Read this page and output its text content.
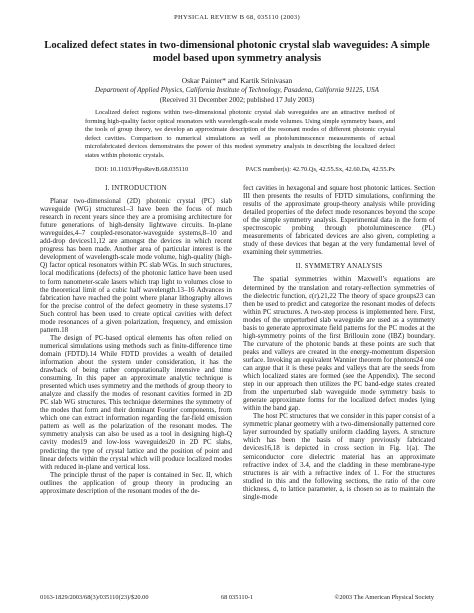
PHYSICAL REVIEW B 68, 035110 (2003)
Localized defect states in two-dimensional photonic crystal slab waveguides: A simple model based upon symmetry analysis
Oskar Painter* and Kartik Srinivasan
Department of Applied Physics, California Institute of Technology, Pasadena, California 91125, USA
(Received 31 December 2002; published 17 July 2003)

Localized defect regions within two-dimensional photonic crystal slab waveguides are an attractive method of forming high-quality factor optical resonators with wavelength-scale mode volumes. Using simple symmetry bases, and the tools of group theory, we develop an approximate description of the resonant modes of different photonic crystal defect cavities. Comparison to numerical simulations as well as photoluminescence measurements of actual microfabricated devices demonstrates the power of this modest symmetry analysis in describing the localized defect states within photonic crystals.

DOI: 10.1103/PhysRevB.68.035110	PACS number(s): 42.70.Qs, 42.55.Sx, 42.60.Da, 42.55.Px
I. INTRODUCTION

Planar two-dimensional (2D) photonic crystal (PC) slab waveguide (WG) structures1–3 have been the focus of much research in recent years since they are a promising architecture for future generations of high-density lightwave circuits. In-plane waveguides,4–7 coupled-resonator-waveguide systems,8–10 and add-drop devices11,12 are amongst the devices in which recent progress has been made. Another area of particular interest is the development of wavelength-scale mode volume, high-quality (high-Q) factor optical resonators within PC slab WGs. In such structures, local modifications (defects) of the photonic lattice have been used to form nanometer-scale lasers which trap light to volumes close to the theoretical limit of a cubic half wavelength.13–16 Advances in fabrication have reached the point where planar lithography allows for the precise control of the defect geometry in these systems.17 Such control has been used to create optical cavities with defect mode resonances of a given polarization, frequency, and emission pattern.18

The design of PC-based optical elements has often relied on numerical simulations using methods such as finite-difference time domain (FDTD).14 While FDTD provides a wealth of detailed information about the system under consideration, it has the drawback of being rather computationally intensive and time consuming. In this paper an approximate analytic technique is presented which uses symmetry and the methods of group theory to analyze and classify the modes of resonant cavities formed in 2D PC slab WG structures. This technique determines the symmetry of the modes that form and their dominant Fourier components, from which one can extract information regarding the far-field emission pattern as well as the polarization of the resonant modes. The symmetry analysis can also be used as a tool in designing high-Q cavity modes19 and low-loss waveguides20 in 2D PC slabs, predicting the type of crystal lattice and the position of point and linear defects within the crystal which will produce localized modes with reduced in-plane and vertical loss.

The principle thrust of the paper is contained in Sec. II, which outlines the application of group theory in producing an approximate description of the resonant modes of the de-

fect cavities in hexagonal and square host photonic lattices. Section III then presents the results of FDTD simulations, confirming the results of the approximate group-theory analysis while providing detailed properties of the defect mode resonances beyond the scope of the simple symmetry analysis. Experimental data in the form of spectroscopic probing through photoluminescence (PL) measurements of fabricated devices are also given, completing a study of these devices that began at the very fundamental level of examining their symmetries.

II. SYMMETRY ANALYSIS

The spatial symmetries within Maxwell’s equations are determined by the translation and rotary-reflection symmetries of the dielectric function, ε(r).21,22 The theory of space groups23 can then be used to predict and categorize the resonant modes of defects within PC structures. A two-step process is implemented here. First, modes of the unperturbed slab waveguide are used as a symmetry basis to generate approximate field patterns for the PC modes at the high-symmetry points of the first Brillouin zone (IBZ) boundary. The curvature of the photonic bands at these points are such that peaks and valleys are created in the energy-momentum dispersion surface. Invoking an equivalent Wannier theorem for photons24 one can argue that it is these peaks and valleys that are the seeds from which localized states are formed (see the Appendix). The second step in our approach then utilizes the PC band-edge states created from the unperturbed slab waveguide mode symmetry basis to generate approximate forms for the localized defect modes lying within the band gap.

The host PC structures that we consider in this paper consist of a symmetric planar geometry with a two-dimensionally patterned core layer surrounded by spatially uniform cladding layers. A structure which has been the basis of many previously fabricated devices16,18 is depicted in cross section in Fig. 1(a). The semiconductor core dielectric material has an approximate refractive index of 3.4, and the cladding in these membrane-type structures is air with a refractive index of 1. For the structures studied in this and the following sections, the ratio of the core thickness, d, to lattice parameter, a, is chosen so as to maintain the single-mode

0163-1829/2003/68(3)/035110(23)/$20.00	68 035110-1	©2003 The American Physical Society
